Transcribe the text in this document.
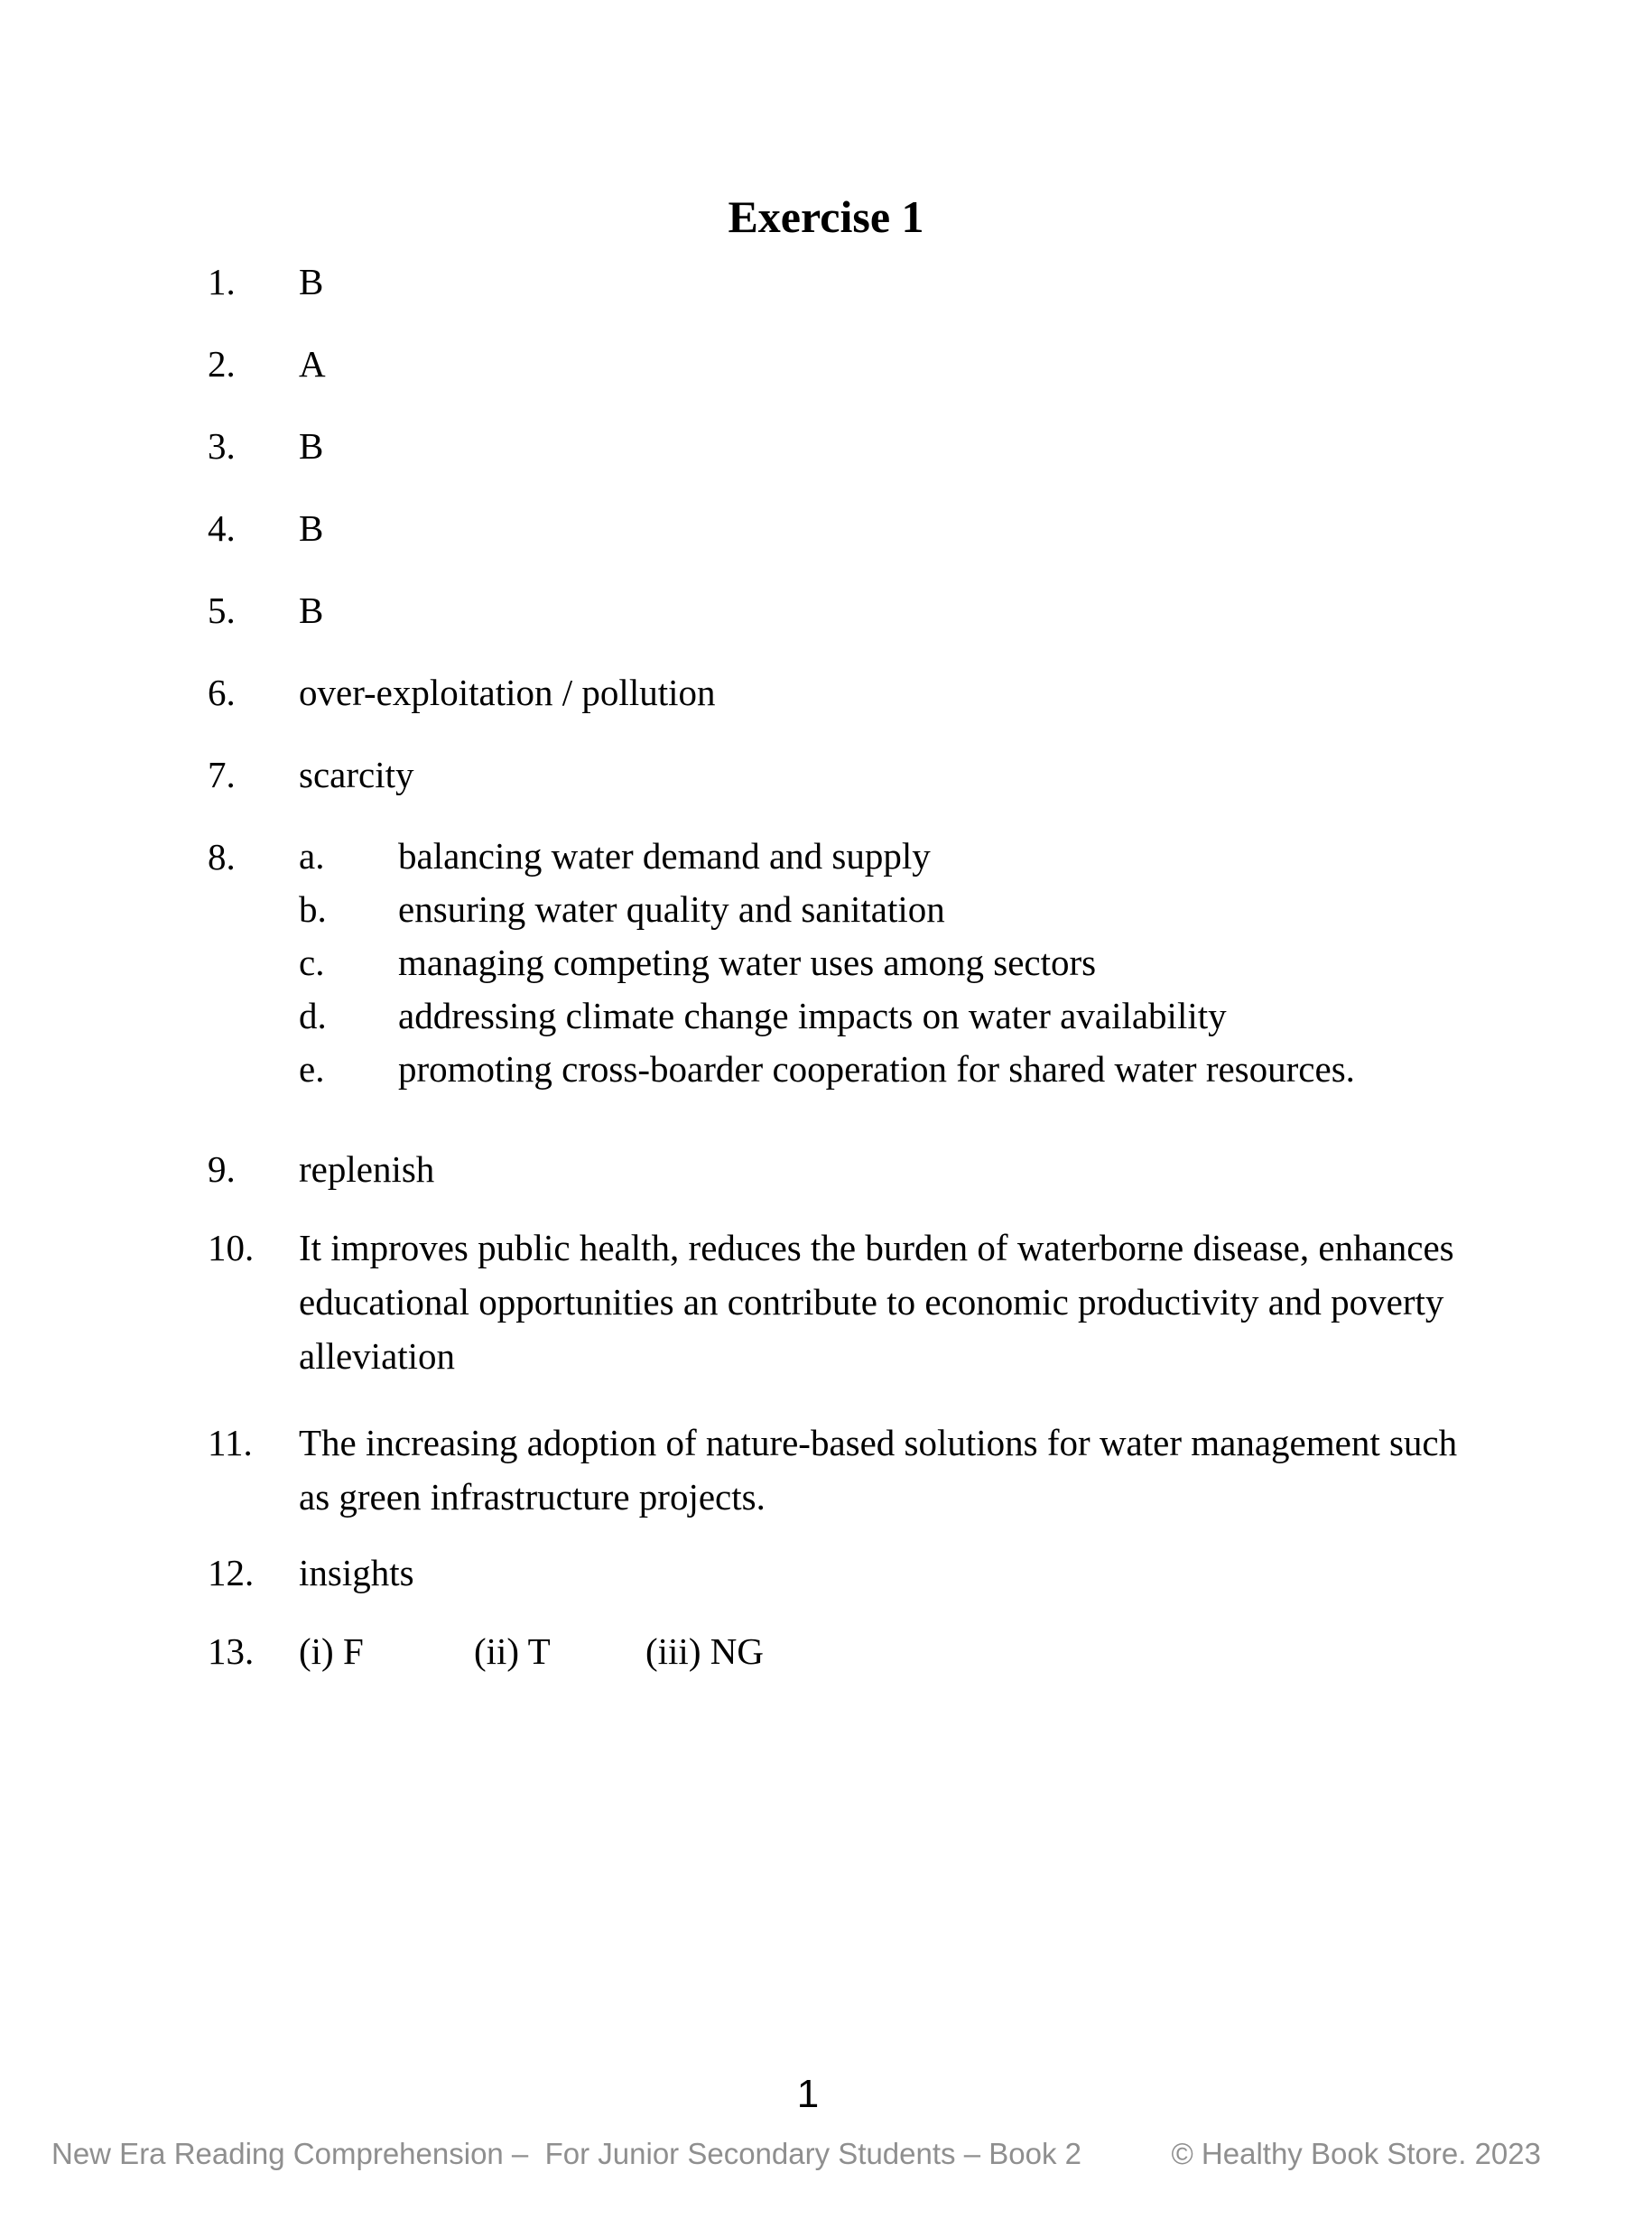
Exercise 1
1.	B
2.	A
3.	B
4.	B
5.	B
6.	over-exploitation / pollution
7.	scarcity
8.	a. balancing water demand and supply
b. ensuring water quality and sanitation
c. managing competing water uses among sectors
d. addressing climate change impacts on water availability
e. promoting cross-boarder cooperation for shared water resources.
9.	replenish
10.	It improves public health, reduces the burden of waterborne disease, enhances
educational opportunities an contribute to economic productivity and poverty
alleviation
11.	The increasing adoption of nature-based solutions for water management such
as green infrastructure projects.
12.	insights
13.	(i) F	(ii) T	(iii) NG
1
New Era Reading Comprehension –  For Junior Secondary Students – Book 2	© Healthy Book Store. 2023
